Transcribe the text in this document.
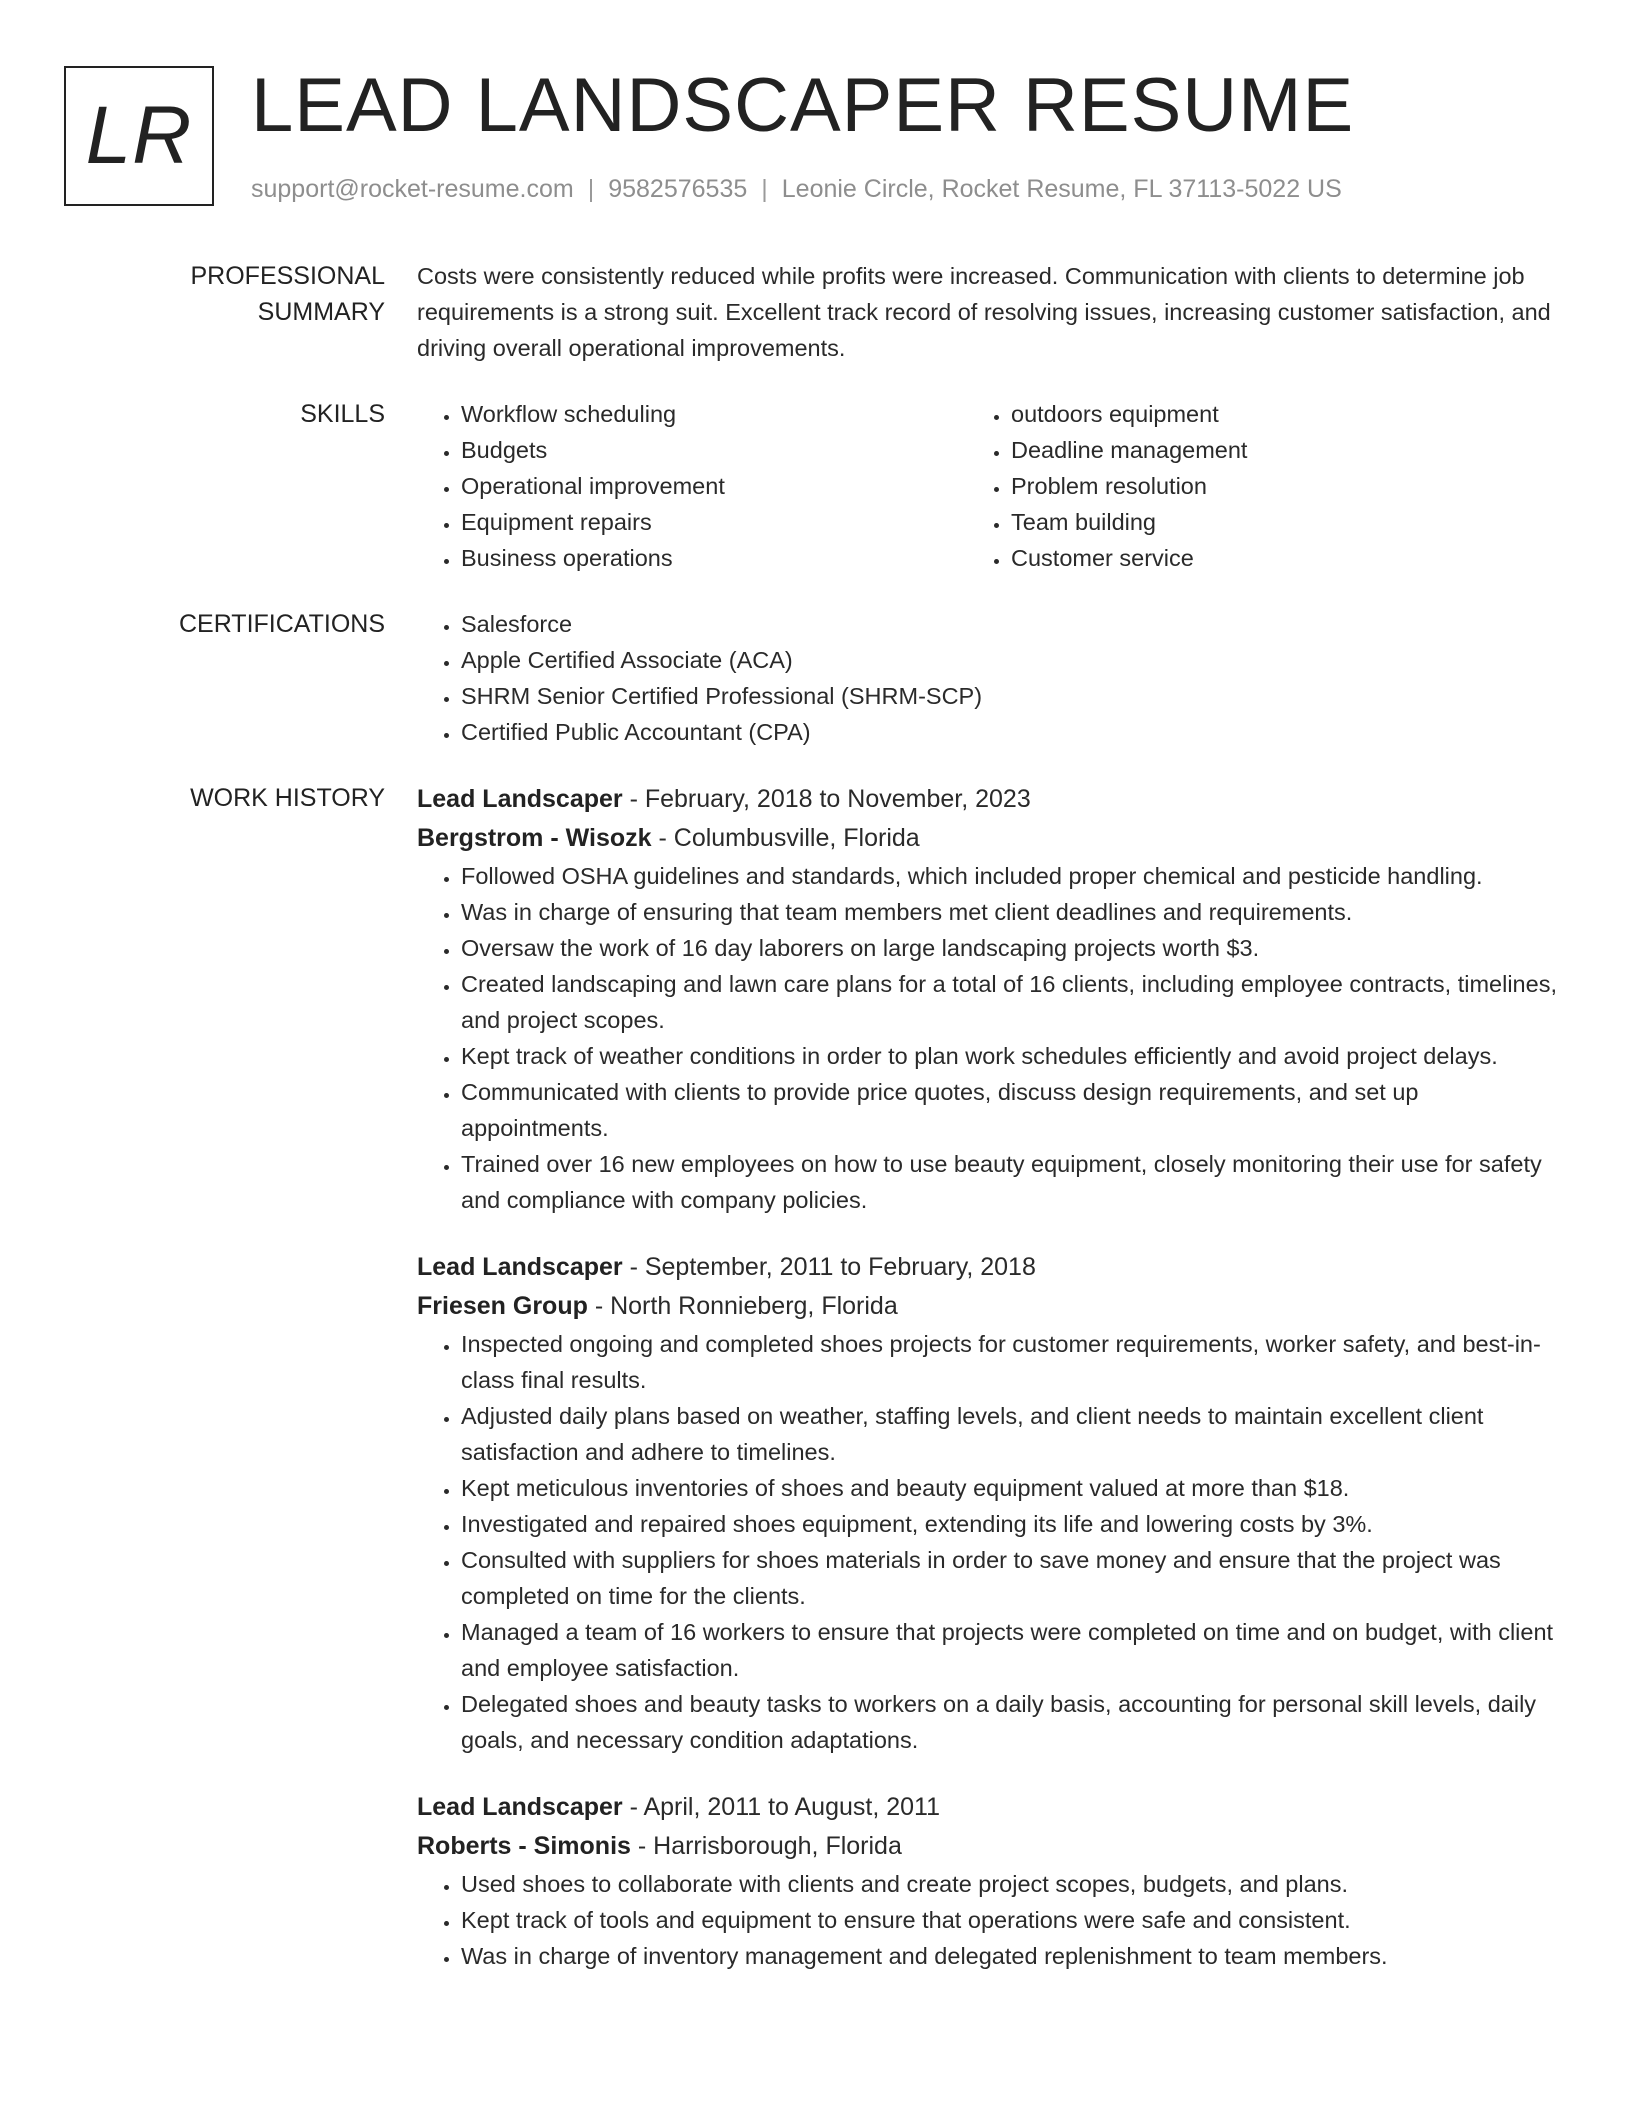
LR LEAD LANDSCAPER RESUME
support@rocket-resume.com | 9582576535 | Leonie Circle, Rocket Resume, FL 37113-5022 US
PROFESSIONAL SUMMARY

Costs were consistently reduced while profits were increased. Communication with clients to determine job requirements is a strong suit. Excellent track record of resolving issues, increasing customer satisfaction, and driving overall operational improvements.

SKILLS	• Workflow scheduling
• Budgets
• Operational improvement
• Equipment repairs
• Business operations
• outdoors equipment
• Deadline management
• Problem resolution
• Team building
• Customer service
CERTIFICATIONS	• Salesforce
• Apple Certified Associate (ACA)
• SHRM Senior Certified Professional (SHRM-SCP)
• Certified Public Accountant (CPA)
WORK HISTORY	Lead Landscaper - February, 2018 to November, 2023

Bergstrom - Wisozk - Columbusville, Florida

• Followed OSHA guidelines and standards, which included proper chemical and pesticide handling.
• Was in charge of ensuring that team members met client deadlines and requirements.
• Oversaw the work of 16 day laborers on large landscaping projects worth $3.
• Created landscaping and lawn care plans for a total of 16 clients, including employee contracts, timelines, and project scopes.
• Kept track of weather conditions in order to plan work schedules efficiently and avoid project delays.
• Communicated with clients to provide price quotes, discuss design requirements, and set up appointments.
• Trained over 16 new employees on how to use beauty equipment, closely monitoring their use for safety and compliance with company policies.

Lead Landscaper - September, 2011 to February, 2018

Friesen Group - North Ronnieberg, Florida

• Inspected ongoing and completed shoes projects for customer requirements, worker safety, and best-in-class final results.
• Adjusted daily plans based on weather, staffing levels, and client needs to maintain excellent client satisfaction and adhere to timelines.
• Kept meticulous inventories of shoes and beauty equipment valued at more than $18.
• Investigated and repaired shoes equipment, extending its life and lowering costs by 3%.
• Consulted with suppliers for shoes materials in order to save money and ensure that the project was completed on time for the clients.
• Managed a team of 16 workers to ensure that projects were completed on time and on budget, with client and employee satisfaction.
• Delegated shoes and beauty tasks to workers on a daily basis, accounting for personal skill levels, daily goals, and necessary condition adaptations.

Lead Landscaper - April, 2011 to August, 2011

Roberts - Simonis - Harrisborough, Florida

• Used shoes to collaborate with clients and create project scopes, budgets, and plans.
• Kept track of tools and equipment to ensure that operations were safe and consistent.
• Was in charge of inventory management and delegated replenishment to team members.
